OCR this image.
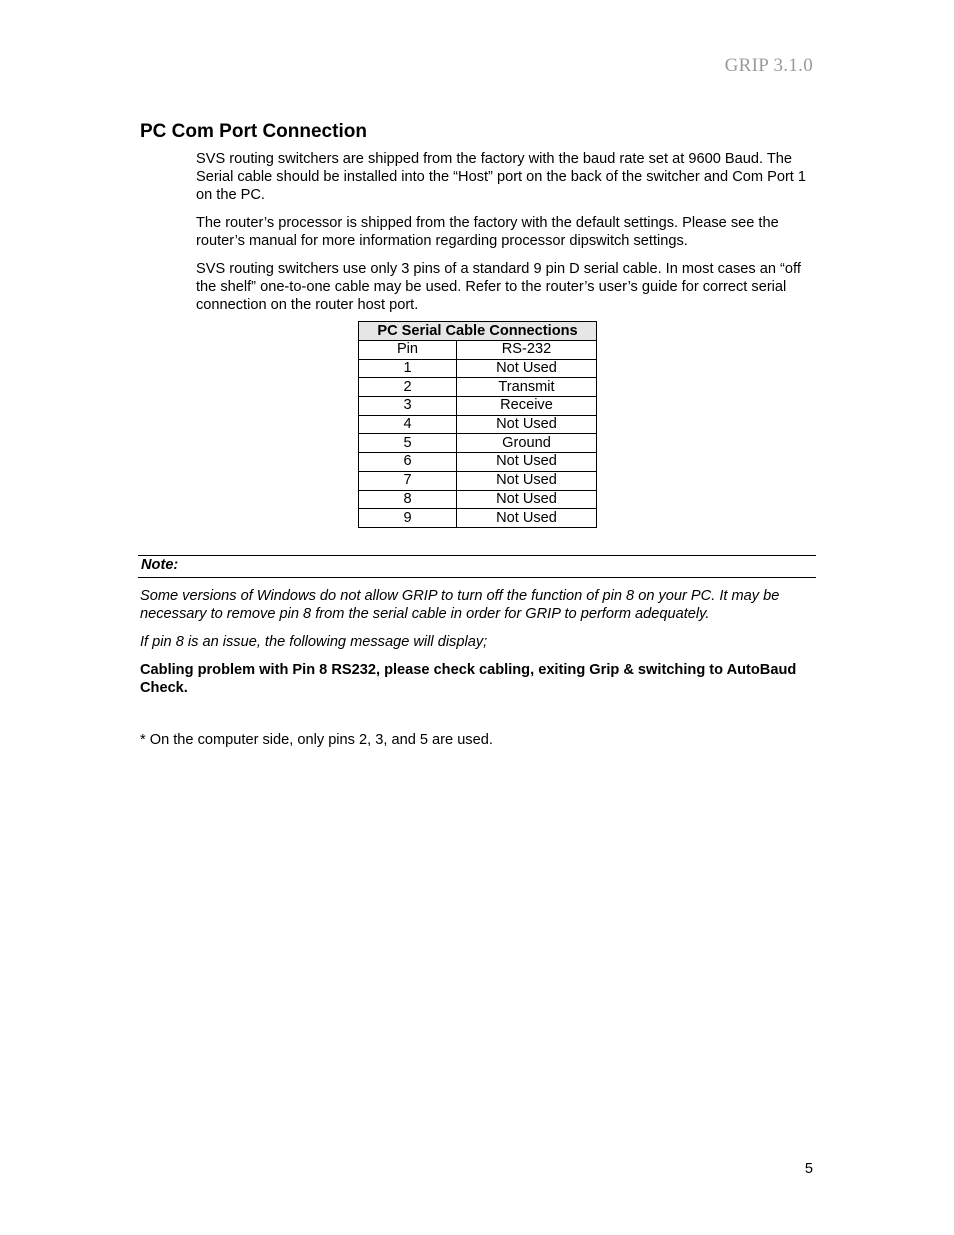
GRIP 3.1.0
PC Com Port Connection

SVS routing switchers are shipped from the factory with the baud rate set at 9600 Baud. The Serial cable should be installed into the “Host” port on the back of the switcher and Com Port 1 on the PC.

The router’s processor is shipped from the factory with the default settings. Please see the router’s manual for more information regarding processor dipswitch settings.

SVS routing switchers use only 3 pins of a standard 9 pin D serial cable. In most cases an “off the shelf” one-to-one cable may be used. Refer to the router’s user’s guide for correct serial connection on the router host port.

PC Serial Cable Connections	
Pin	RS-232
1	Not Used
2	Transmit
3	Receive
4	Not Used
5	Ground
6	Not Used
7	Not Used
8	Not Used
9	Not Used
Note:

Some versions of Windows do not allow GRIP to turn off the function of pin 8 on your PC. It may be necessary to remove pin 8 from the serial cable in order for GRIP to perform adequately.

If pin 8 is an issue, the following message will display;

Cabling problem with Pin 8 RS232, please check cabling, exiting Grip & switching to AutoBaud Check.

* On the computer side, only pins 2, 3, and 5 are used.
5
